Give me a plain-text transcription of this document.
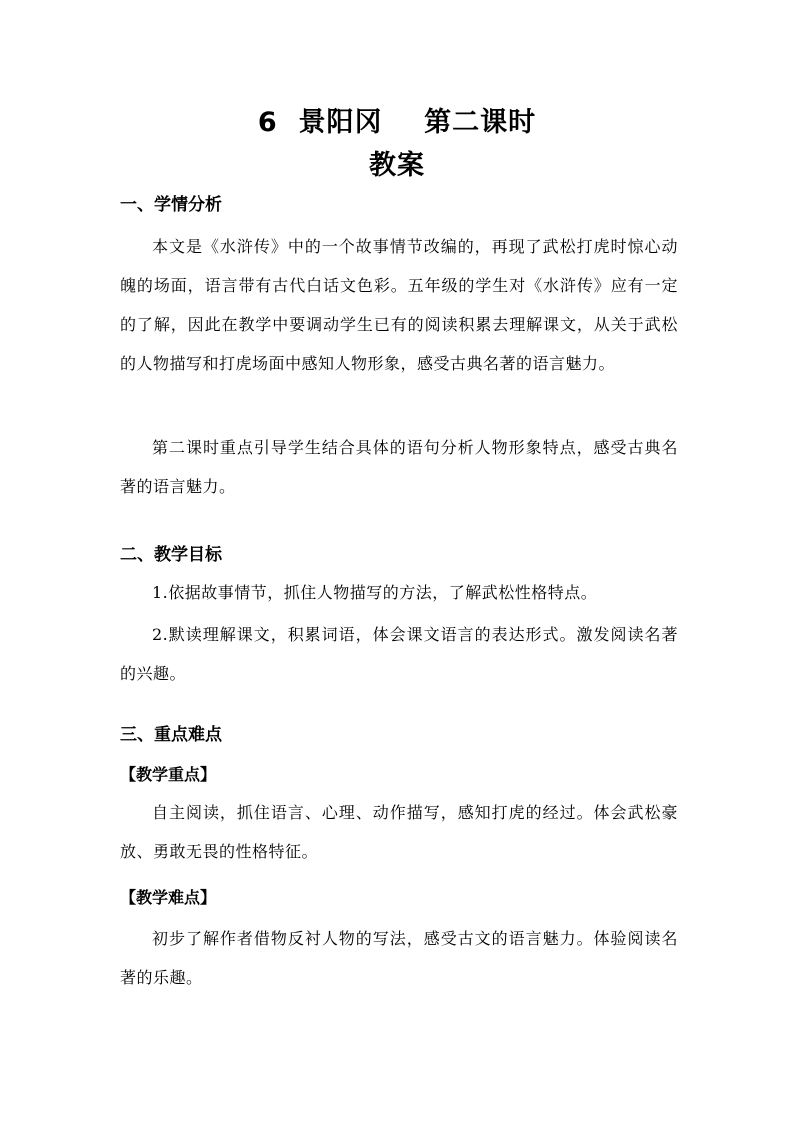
6  景阳冈    第二课时
教案
一、学情分析
本文是《水浒传》中的一个故事情节改编的，再现了武松打虎时惊心动魄的场面，语言带有古代白话文色彩。五年级的学生对《水浒传》应有一定的了解，因此在教学中要调动学生已有的阅读积累去理解课文，从关于武松的人物描写和打虎场面中感知人物形象，感受古典名著的语言魅力。
第二课时重点引导学生结合具体的语句分析人物形象特点，感受古典名著的语言魅力。
二、教学目标
1.依据故事情节，抓住人物描写的方法，了解武松性格特点。
2.默读理解课文，积累词语，体会课文语言的表达形式。激发阅读名著的兴趣。
三、重点难点
【教学重点】
自主阅读，抓住语言、心理、动作描写，感知打虎的经过。体会武松豪放、勇敢无畏的性格特征。
【教学难点】
初步了解作者借物反衬人物的写法，感受古文的语言魅力。体验阅读名著的乐趣。
